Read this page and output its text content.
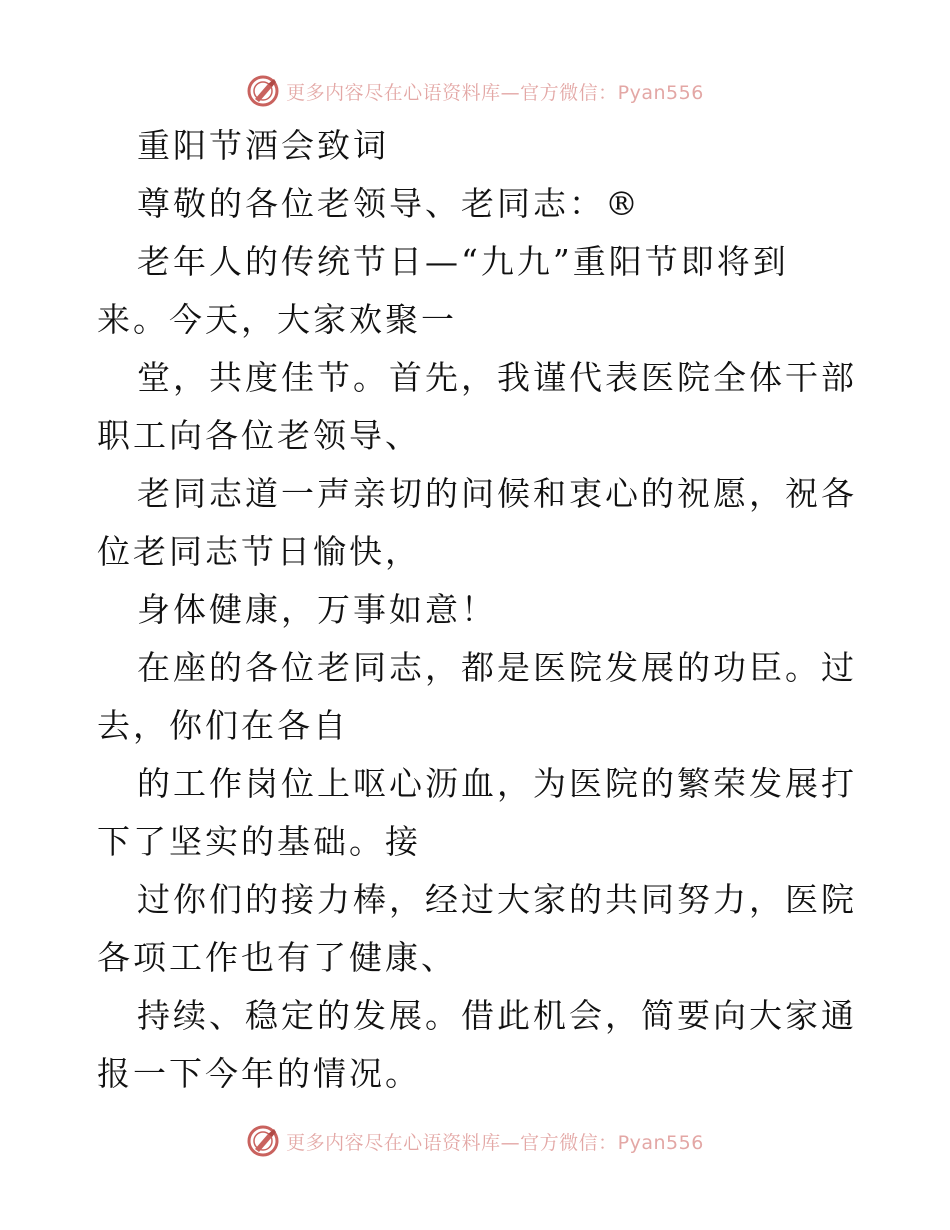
更多内容尽在心语资料库—官方微信：Pyan556

重阳节酒会致词

尊敬的各位老领导、老同志：®

老年人的传统节日—“九九”重阳节即将到来。今天，大家欢聚一

堂，共度佳节。首先，我谨代表医院全体干部职工向各位老领导、

老同志道一声亲切的问候和衷心的祝愿，祝各位老同志节日愉快，

身体健康，万事如意！

在座的各位老同志，都是医院发展的功臣。过去，你们在各自

的工作岗位上呕心沥血，为医院的繁荣发展打下了坚实的基础。接

过你们的接力棒，经过大家的共同努力，医院各项工作也有了健康、

持续、稳定的发展。借此机会，简要向大家通报一下今年的情况。

更多内容尽在心语资料库—官方微信：Pyan556
